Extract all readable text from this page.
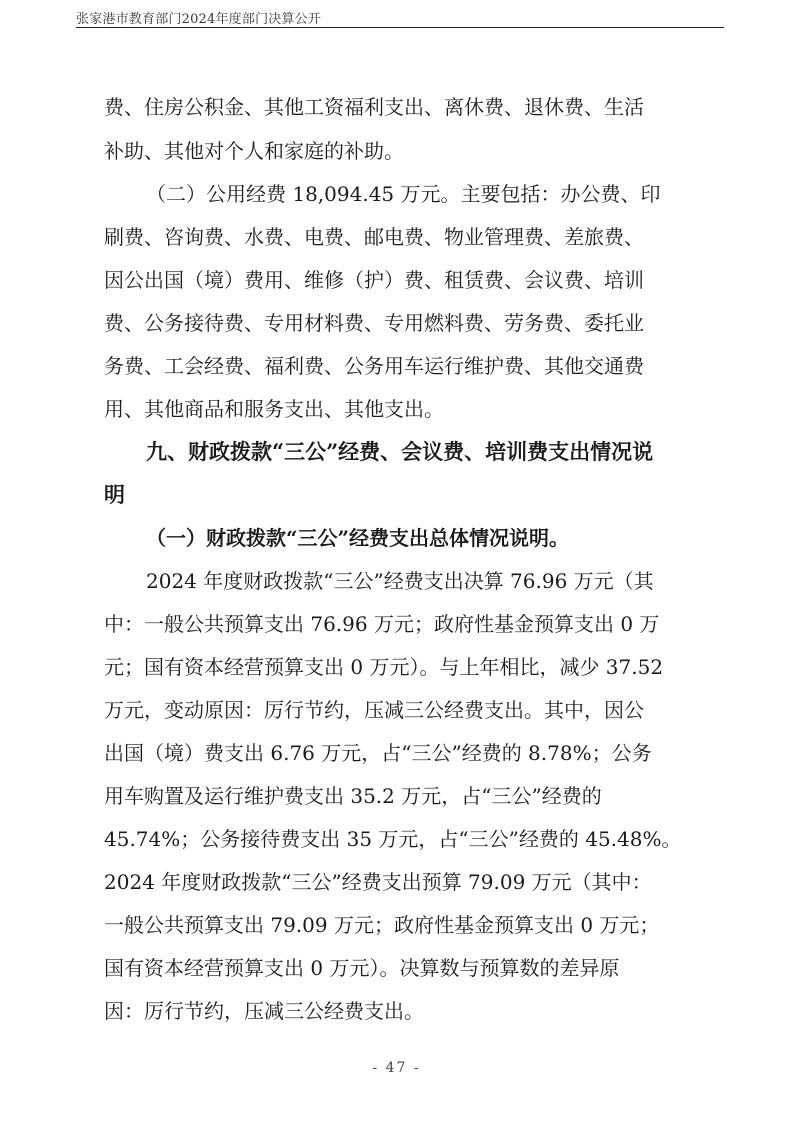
张家港市教育部门2024年度部门决算公开
费、住房公积金、其他工资福利支出、离休费、退休费、生活
补助、其他对个人和家庭的补助。
（二）公用经费 18,094.45 万元。主要包括：办公费、印
刷费、咨询费、水费、电费、邮电费、物业管理费、差旅费、
因公出国（境）费用、维修（护）费、租赁费、会议费、培训
费、公务接待费、专用材料费、专用燃料费、劳务费、委托业
务费、工会经费、福利费、公务用车运行维护费、其他交通费
用、其他商品和服务支出、其他支出。
九、财政拨款“三公”经费、会议费、培训费支出情况说
明
（一）财政拨款“三公”经费支出总体情况说明。
2024 年度财政拨款“三公”经费支出决算 76.96 万元（其
中：一般公共预算支出 76.96 万元；政府性基金预算支出 0 万
元；国有资本经营预算支出 0 万元）。与上年相比，减少 37.52
万元，变动原因：厉行节约，压减三公经费支出。其中，因公
出国（境）费支出 6.76 万元，占“三公”经费的 8.78%；公务
用车购置及运行维护费支出 35.2 万元，占“三公”经费的
45.74%；公务接待费支出 35 万元，占“三公”经费的 45.48%。
2024 年度财政拨款“三公”经费支出预算 79.09 万元（其中：
一般公共预算支出 79.09 万元；政府性基金预算支出 0 万元；
国有资本经营预算支出 0 万元）。决算数与预算数的差异原
因：厉行节约，压减三公经费支出。
- 47 -
